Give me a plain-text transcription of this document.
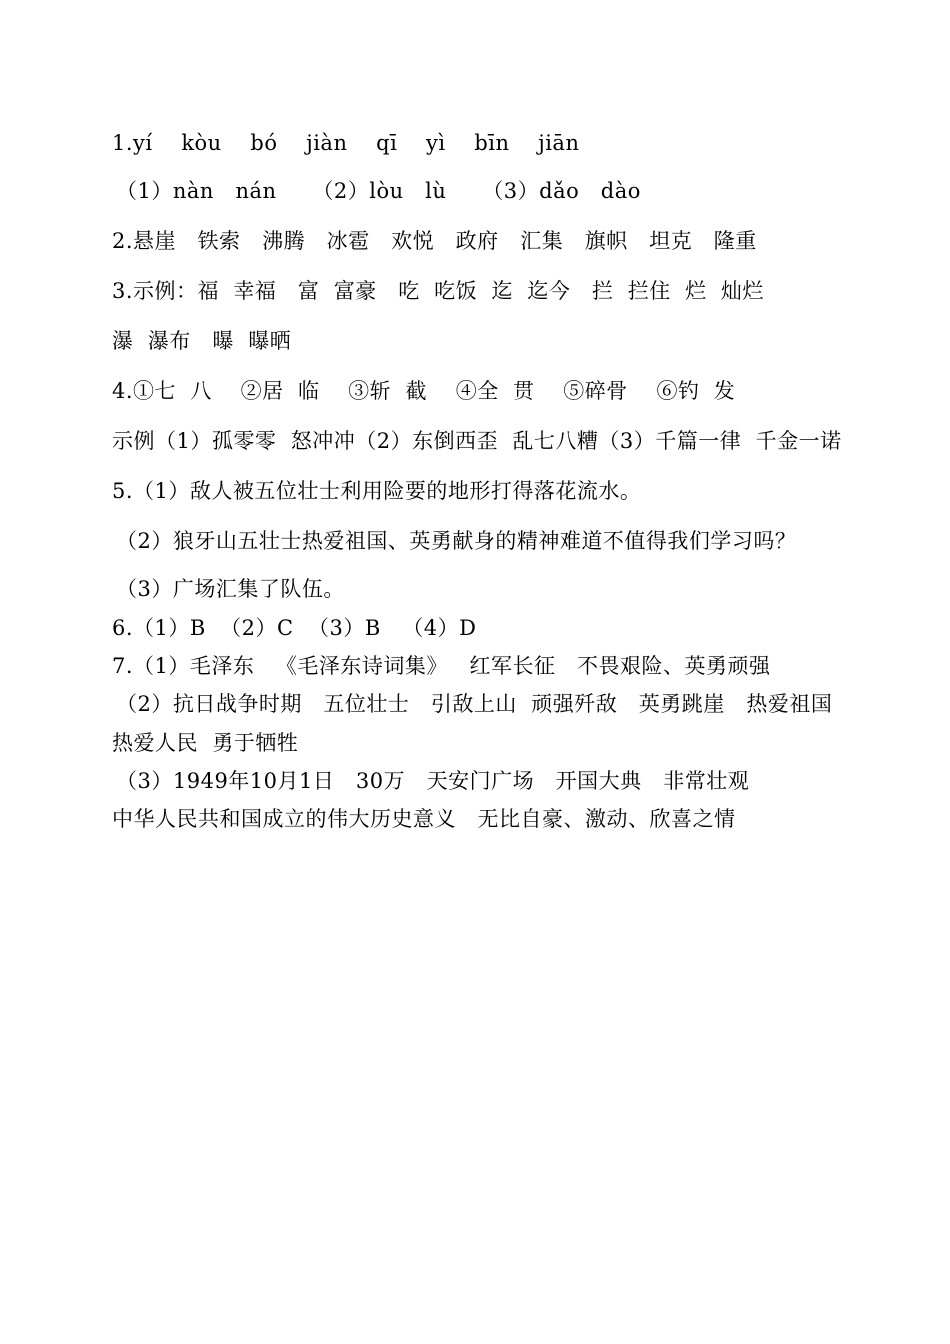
1.yí    kòu    bó    jiàn    qī    yì    bīn    jiān
（1）nàn   nán     （2）lòu   lù     （3）dǎo   dào
2.悬崖   铁索   沸腾   冰雹   欢悦   政府   汇集   旗帜   坦克   隆重
3.示例：福  幸福   富  富豪   吃  吃饭  迄  迄今   拦  拦住  烂  灿烂
瀑  瀑布   曝  曝晒
4.①七  八    ②居  临    ③斩  截    ④全  贯    ⑤碎骨    ⑥钓  发
示例（1）孤零零  怒冲冲（2）东倒西歪  乱七八糟（3）千篇一律  千金一诺
5.（1）敌人被五位壮士利用险要的地形打得落花流水。
（2）狼牙山五壮士热爱祖国、英勇献身的精神难道不值得我们学习吗？
（3）广场汇集了队伍。
6.（1）B  （2）C  （3）B   （4）D
7.（1）毛泽东   《毛泽东诗词集》   红军长征   不畏艰险、英勇顽强
（2）抗日战争时期   五位壮士   引敌上山  顽强歼敌   英勇跳崖   热爱祖国
热爱人民  勇于牺牲
（3）1949年10月1日   30万   天安门广场   开国大典   非常壮观
中华人民共和国成立的伟大历史意义   无比自豪、激动、欣喜之情
